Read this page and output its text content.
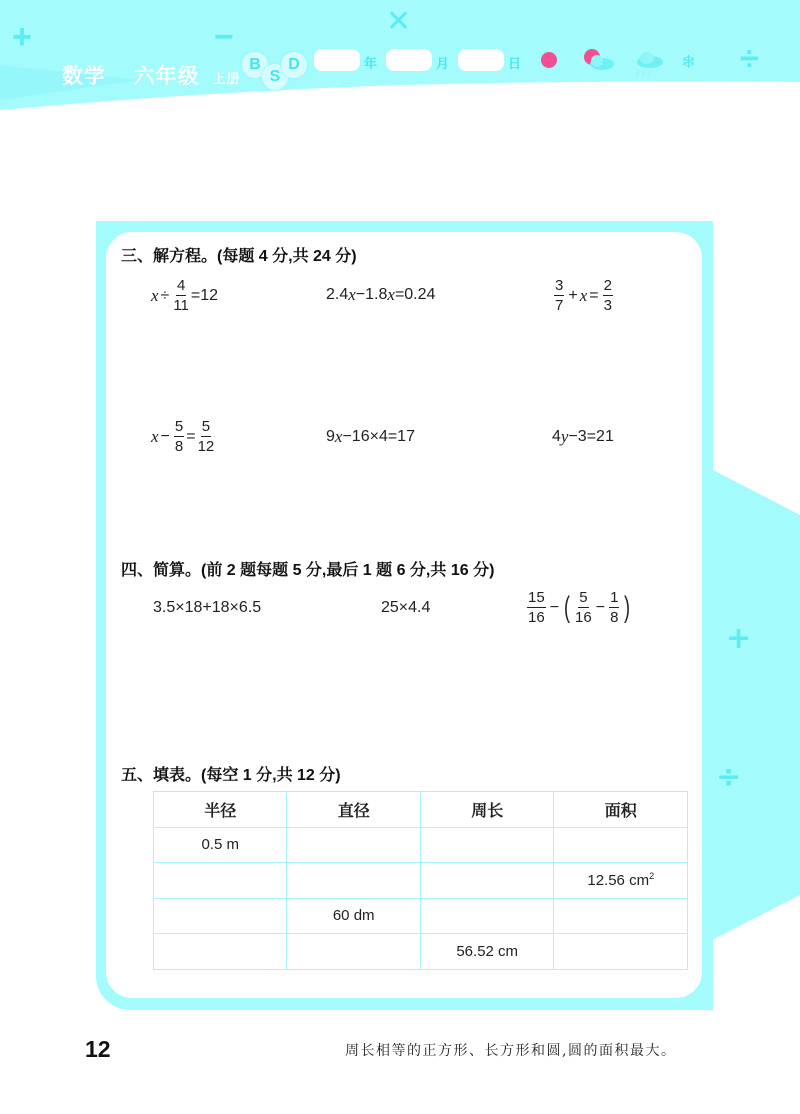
+	−	✕
÷
数学 六年级 上册
B
S
D	年	月	日	❄
+
÷
三、解方程。(每题 4 分,共 24 分)
$x \div \frac{4}{11} =12$	2.4 x −1.8 x =0.24	$\frac{3}{7} + x = \frac{2}{3}$
$x - \frac{5}{8} = \frac{5}{12}$	9 x −16×4=17	4 y −3=21
四、简算。(前 2 题每题 5 分,最后 1 题 6 分,共 16 分)
3.5×18+18×6.5	25×4.4	$\frac{15}{16}$ − ( $\frac{5}{16} - \frac{1}{8}$ )
五、填表。(每空 1 分,共 12 分)
半径	直径	周长	面积
0.5 m			
			12.56 $cm^2$
	60 dm		
		56.52 cm	
12	周长相等的正方形、长方形和圆,圆的面积最大。
